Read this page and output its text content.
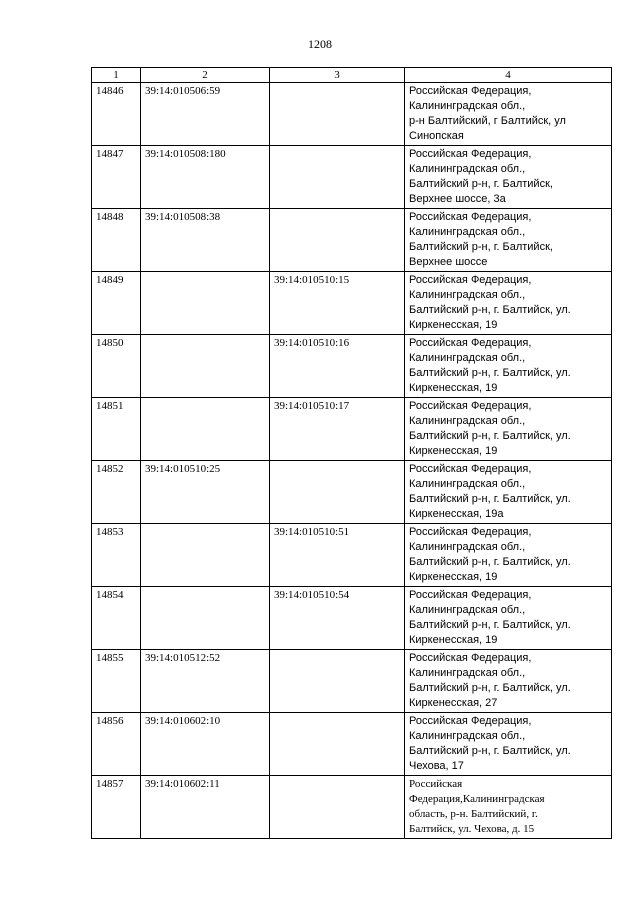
1208
1	2	3	4
14846	39:14:010506:59		Российская Федерация,
Калининградская обл.,
р-н Балтийский, г Балтийск, ул
Синопская
14847	39:14:010508:180		Российская Федерация,
Калининградская обл.,
Балтийский р-н, г. Балтийск,
Верхнее шоссе, 3а
14848	39:14:010508:38		Российская Федерация,
Калининградская обл.,
Балтийский р-н, г. Балтийск,
Верхнее шоссе
14849		39:14:010510:15	Российская Федерация,
Калининградская обл.,
Балтийский р-н, г. Балтийск, ул.
Киркенесская, 19
14850		39:14:010510:16	Российская Федерация,
Калининградская обл.,
Балтийский р-н, г. Балтийск, ул.
Киркенесская, 19
14851		39:14:010510:17	Российская Федерация,
Калининградская обл.,
Балтийский р-н, г. Балтийск, ул.
Киркенесская, 19
14852	39:14:010510:25		Российская Федерация,
Калининградская обл.,
Балтийский р-н, г. Балтийск, ул.
Киркенесская, 19а
14853		39:14:010510:51	Российская Федерация,
Калининградская обл.,
Балтийский р-н, г. Балтийск, ул.
Киркенесская, 19
14854		39:14:010510:54	Российская Федерация,
Калининградская обл.,
Балтийский р-н, г. Балтийск, ул.
Киркенесская, 19
14855	39:14:010512:52		Российская Федерация,
Калининградская обл.,
Балтийский р-н, г. Балтийск, ул.
Киркенесская, 27
14856	39:14:010602:10		Российская Федерация,
Калининградская обл.,
Балтийский р-н, г. Балтийск, ул.
Чехова, 17
14857	39:14:010602:11		Российская
Федерация,Калининградская
область, р-н. Балтийский, г.
Балтийск, ул. Чехова, д. 15
